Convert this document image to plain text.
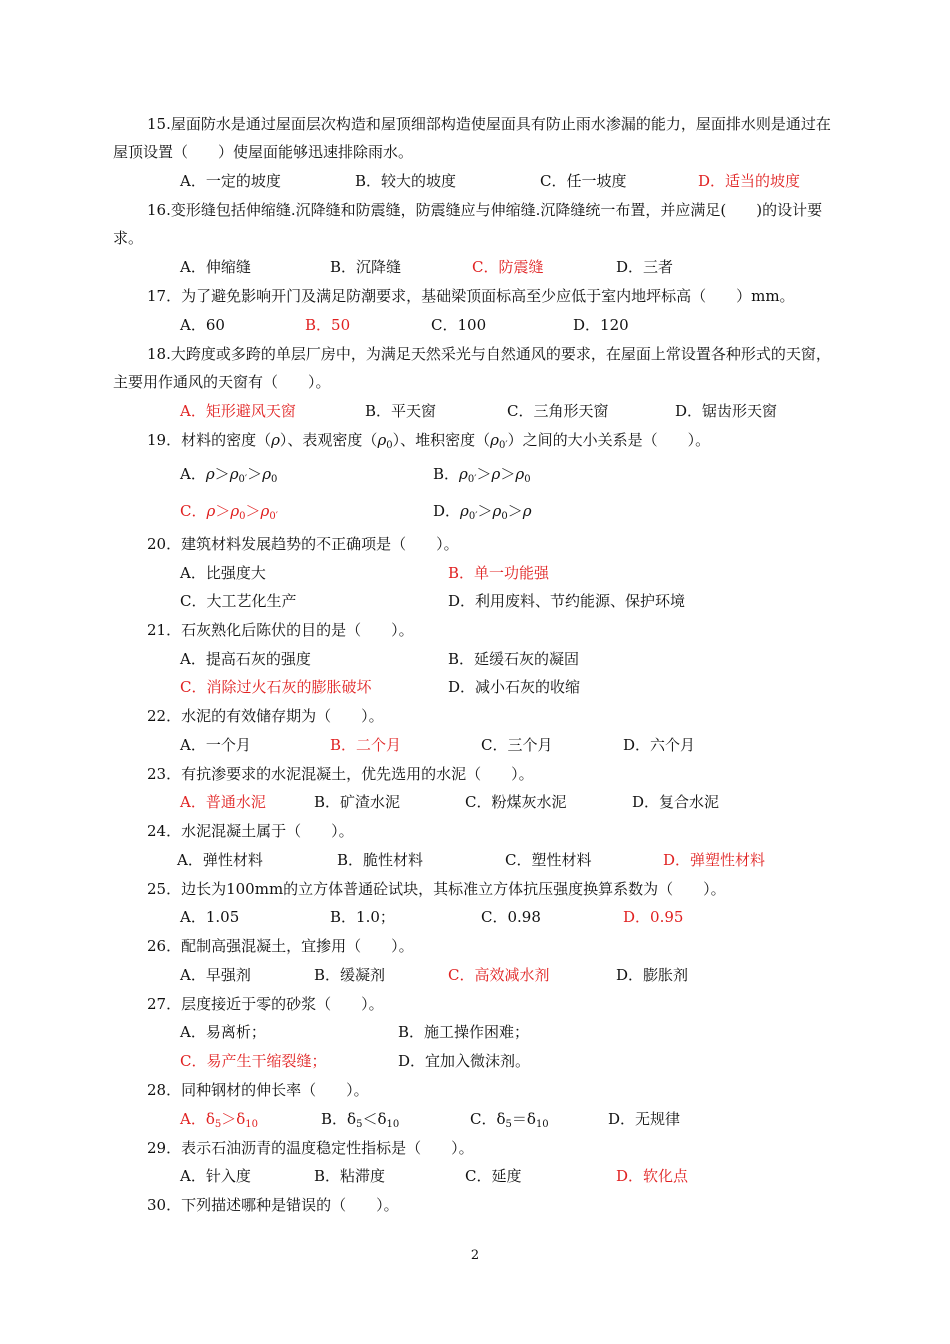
15.屋面防水是通过屋面层次构造和屋顶细部构造使屋面具有防止雨水渗漏的能力，屋面排水则是通过在屋顶设置（　　）使屋面能够迅速排除雨水。
A．一定的坡度	B．较大的坡度	C．任一坡度	D．适当的坡度
16.变形缝包括伸缩缝.沉降缝和防震缝，防震缝应与伸缩缝.沉降缝统一布置，并应满足(　　)的设计要求。
A．伸缩缝	B．沉降缝	C．防震缝	D．三者
17．为了避免影响开门及满足防潮要求，基础梁顶面标高至少应低于室内地坪标高（　　）mm。
A．60	B．50	C．100	D．120
18.大跨度或多跨的单层厂房中，为满足天然采光与自然通风的要求，在屋面上常设置各种形式的天窗，主要用作通风的天窗有（　　）。
A．矩形避风天窗	B．平天窗	C．三角形天窗	D．锯齿形天窗
19．材料的密度（ρ）、表观密度$(\rho_0)$、堆积密度$(\rho_{0'})$之间的大小关系是（　　）。
A．$\rho>\rho_{0'}>\rho_0$	B．$\rho_{0'}>\rho>\rho_0$
C．$\rho>\rho_0>\rho_{0'}$	D．$\rho_{0'}>\rho_0>\rho$
20．建筑材料发展趋势的不正确项是（　　）。
A．比强度大	B．单一功能强
C．大工艺化生产	D．利用废料、节约能源、保护环境
21．石灰熟化后陈伏的目的是（　　）。
A．提高石灰的强度	B．延缓石灰的凝固
C．消除过火石灰的膨胀破坏	D．减小石灰的收缩
22．水泥的有效储存期为（　　）。
A．一个月	B．二个月	C．三个月	D．六个月
23．有抗渗要求的水泥混凝土，优先选用的水泥（　　）。
A．普通水泥	B．矿渣水泥	C．粉煤灰水泥	D．复合水泥
24．水泥混凝土属于（　　）。
A．弹性材料	B．脆性材料	C．塑性材料	D．弹塑性材料
25．边长为100mm的立方体普通砼试块，其标准立方体抗压强度换算系数为（　　）。
A．1.05	B．1.0；	C．0.98	D．0.95
26．配制高强混凝土，宜掺用（　　）。
A．早强剂	B．缓凝剂	C．高效减水剂	D．膨胀剂
27．层度接近于零的砂浆（　　）。
A．易离析；	B．施工操作困难；
C．易产生干缩裂缝；	D．宜加入微沫剂。
28．同种钢材的伸长率（　　）。
A．$\delta_5>\delta_{10}$	B．$\delta_5<\delta_{10}$	C．$\delta_5=\delta_{10}$	D．无规律
29．表示石油沥青的温度稳定性指标是（　　）。
A．针入度	B．粘滞度	C．延度	D．软化点
30．下列描述哪种是错误的（　　）。
2
